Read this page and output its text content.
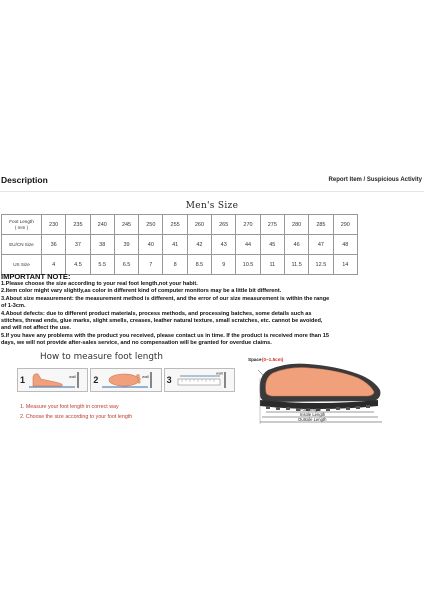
Description	Report Item / Suspicious Activity
Men's Size
Foot Length
( mm )	230	235	240	245	250	255	260	265	270	275	280	285	290

EU/CN Size	36	37	38	39	40	41	42	43	44	45	46	47	48

US Size	4	4.5	5.5	6.5	7	8	8.5	9	10.5	11	11.5	12.5	14
IMPORTANT NOTE:
1.Please choose the size according to your real foot length,not your habit.
2.Item color might vary slightly,as color in different kind of computer monitors may be a little bit different.
3.About size measurement: the measurement method is different, and the error of our size measurement is within the range
of 1-3cm.
4.About defects: due to different product materials, process methods, and processing batches, some details such as
stitches, thread ends, glue marks, slight smells, creases, leather natural texture, small scratches, etc. cannot be avoided,
and will not affect the use.
5.If you have any problems with the product you received, please contact us in time. If the product is received more than 15
days, we will not provide after-sales service, and no compensation will be granted for overdue claims.
How to measure foot length
1	wall 2	wall 3
wall
1. Measure your foot length in correct way
2. Choose the size according to your foot length
Space (0~1.5cm)
Foot length
Insole Length
Outsole Length
